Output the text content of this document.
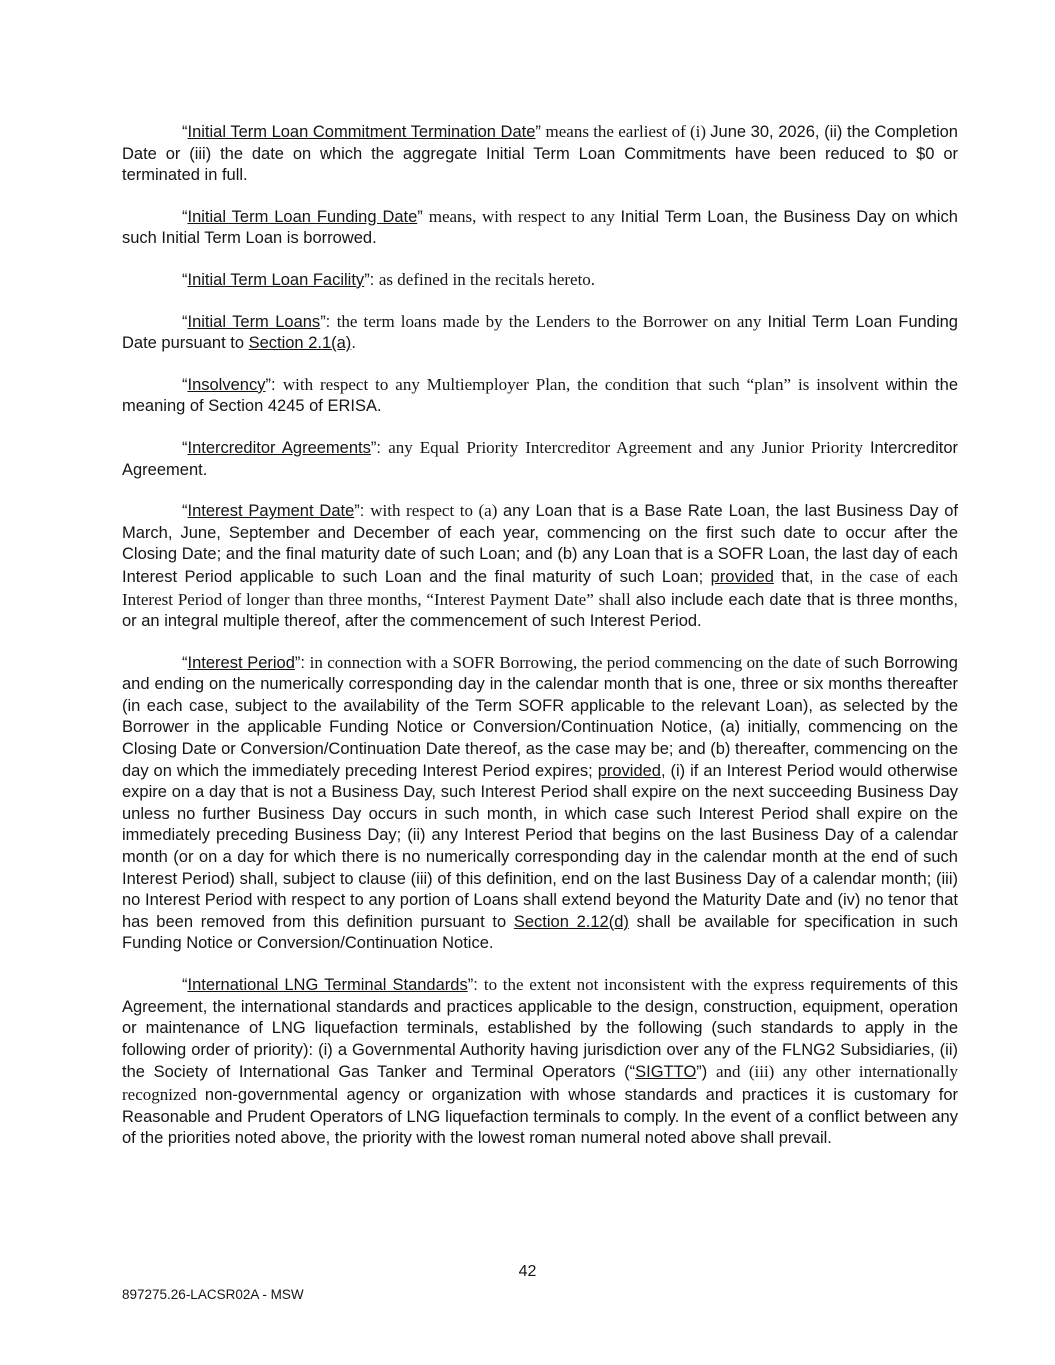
“Initial Term Loan Commitment Termination Date” means the earliest of (i) June 30, 2026, (ii) the Completion Date or (iii) the date on which the aggregate Initial Term Loan Commitments have been reduced to $0 or terminated in full.

“Initial Term Loan Funding Date” means, with respect to any Initial Term Loan, the Business Day on which such Initial Term Loan is borrowed.

“Initial Term Loan Facility”: as defined in the recitals hereto.

“Initial Term Loans”: the term loans made by the Lenders to the Borrower on any Initial Term Loan Funding Date pursuant to Section 2.1(a).

“Insolvency”: with respect to any Multiemployer Plan, the condition that such “plan” is insolvent within the meaning of Section 4245 of ERISA.

“Intercreditor Agreements”: any Equal Priority Intercreditor Agreement and any Junior Priority Intercreditor Agreement.

“Interest Payment Date”: with respect to (a) any Loan that is a Base Rate Loan, the last Business Day of March, June, September and December of each year, commencing on the first such date to occur after the Closing Date; and the final maturity date of such Loan; and (b) any Loan that is a SOFR Loan, the last day of each Interest Period applicable to such Loan and the final maturity of such Loan; provided that, in the case of each Interest Period of longer than three months, “Interest Payment Date” shall also include each date that is three months, or an integral multiple thereof, after the commencement of such Interest Period.

“Interest Period”: in connection with a SOFR Borrowing, the period commencing on the date of such Borrowing and ending on the numerically corresponding day in the calendar month that is one, three or six months thereafter (in each case, subject to the availability of the Term SOFR applicable to the relevant Loan), as selected by the Borrower in the applicable Funding Notice or Conversion/Continuation Notice, (a) initially, commencing on the Closing Date or Conversion/Continuation Date thereof, as the case may be; and (b) thereafter, commencing on the day on which the immediately preceding Interest Period expires; provided, (i) if an Interest Period would otherwise expire on a day that is not a Business Day, such Interest Period shall expire on the next succeeding Business Day unless no further Business Day occurs in such month, in which case such Interest Period shall expire on the immediately preceding Business Day; (ii) any Interest Period that begins on the last Business Day of a calendar month (or on a day for which there is no numerically corresponding day in the calendar month at the end of such Interest Period) shall, subject to clause (iii) of this definition, end on the last Business Day of a calendar month; (iii) no Interest Period with respect to any portion of Loans shall extend beyond the Maturity Date and (iv) no tenor that has been removed from this definition pursuant to Section 2.12(d) shall be available for specification in such Funding Notice or Conversion/Continuation Notice.

“International LNG Terminal Standards”: to the extent not inconsistent with the express requirements of this Agreement, the international standards and practices applicable to the design, construction, equipment, operation or maintenance of LNG liquefaction terminals, established by the following (such standards to apply in the following order of priority): (i) a Governmental Authority having jurisdiction over any of the FLNG2 Subsidiaries, (ii) the Society of International Gas Tanker and Terminal Operators (“SIGTTO”) and (iii) any other internationally recognized non-governmental agency or organization with whose standards and practices it is customary for Reasonable and Prudent Operators of LNG liquefaction terminals to comply. In the event of a conflict between any of the priorities noted above, the priority with the lowest roman numeral noted above shall prevail.

42
897275.26-LACSR02A - MSW
